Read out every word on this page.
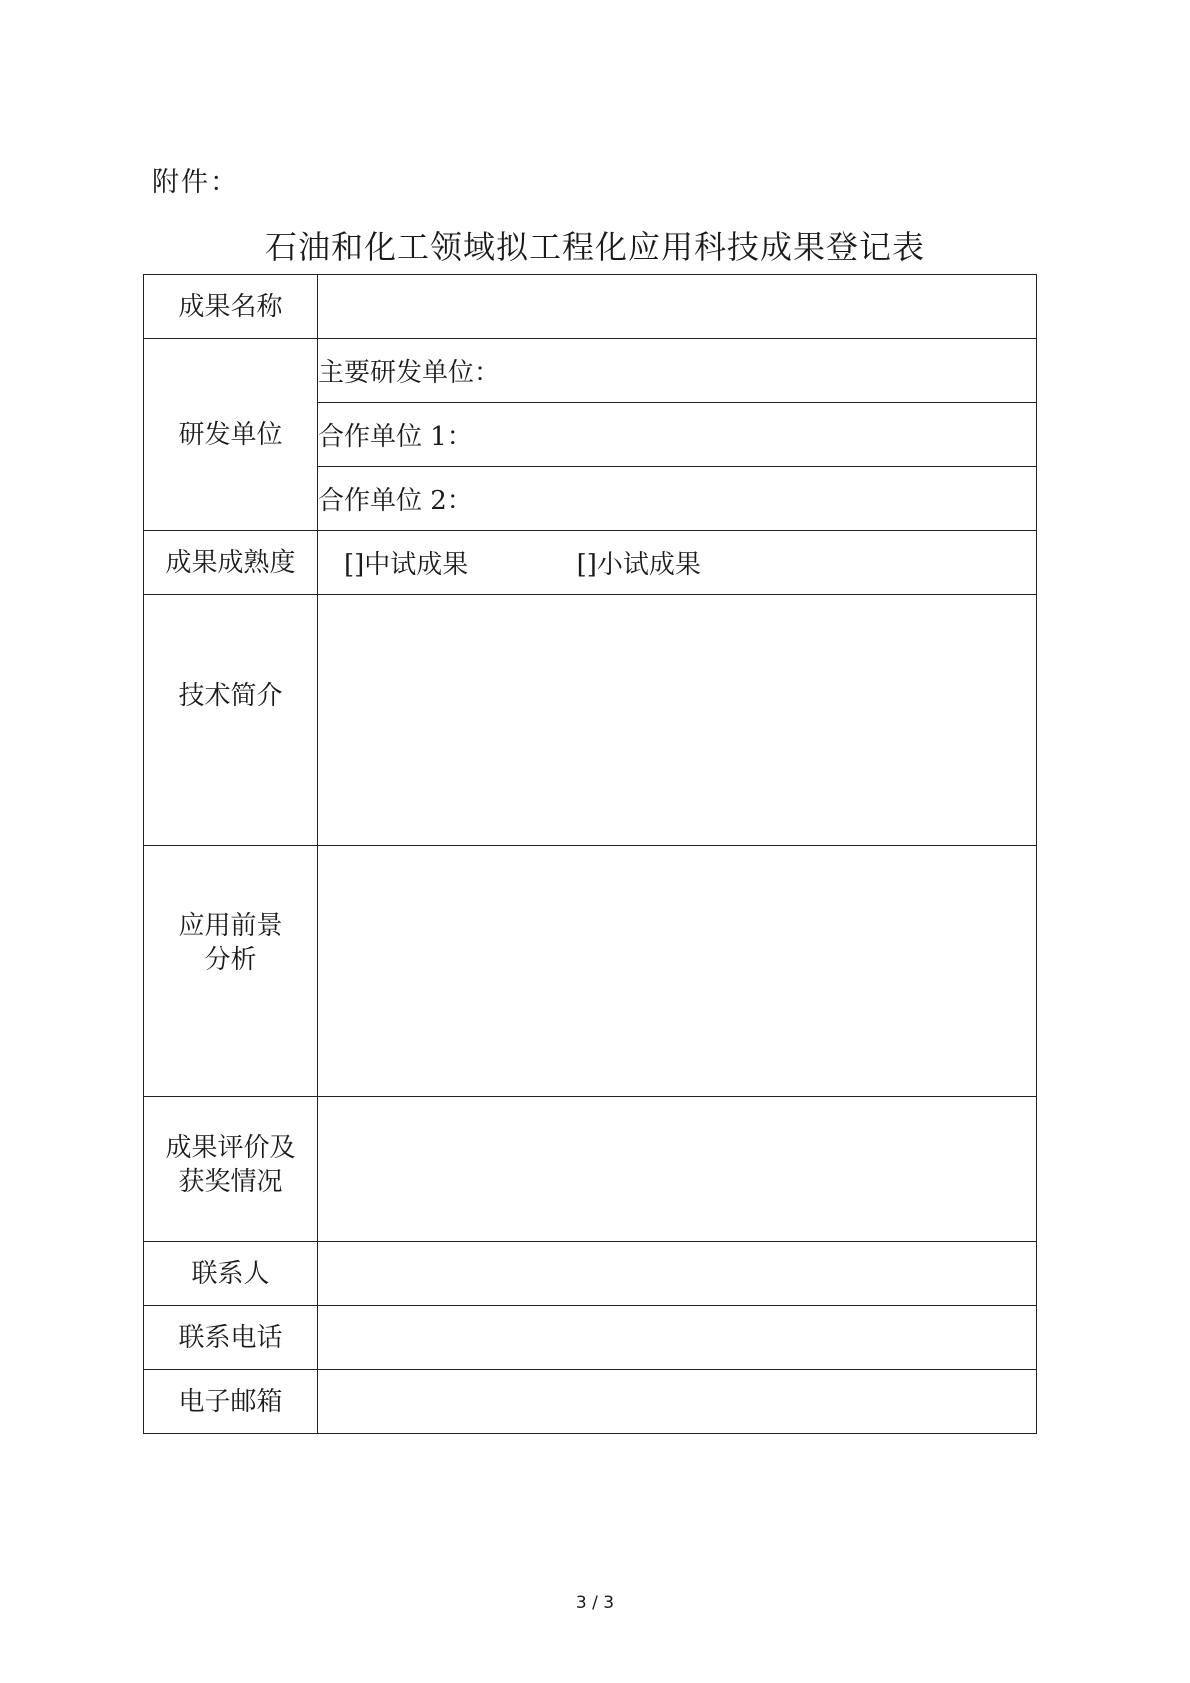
附件：
石油和化工领域拟工程化应用科技成果登记表
成果名称	
研发单位	主要研发单位：
	合作单位 1：
	合作单位 2：
成果成熟度	[]中试成果 []小试成果

技术简介	

应用前景
分析	

成果评价及
获奖情况	

联系人	
联系电话	
电子邮箱	
3 / 3
